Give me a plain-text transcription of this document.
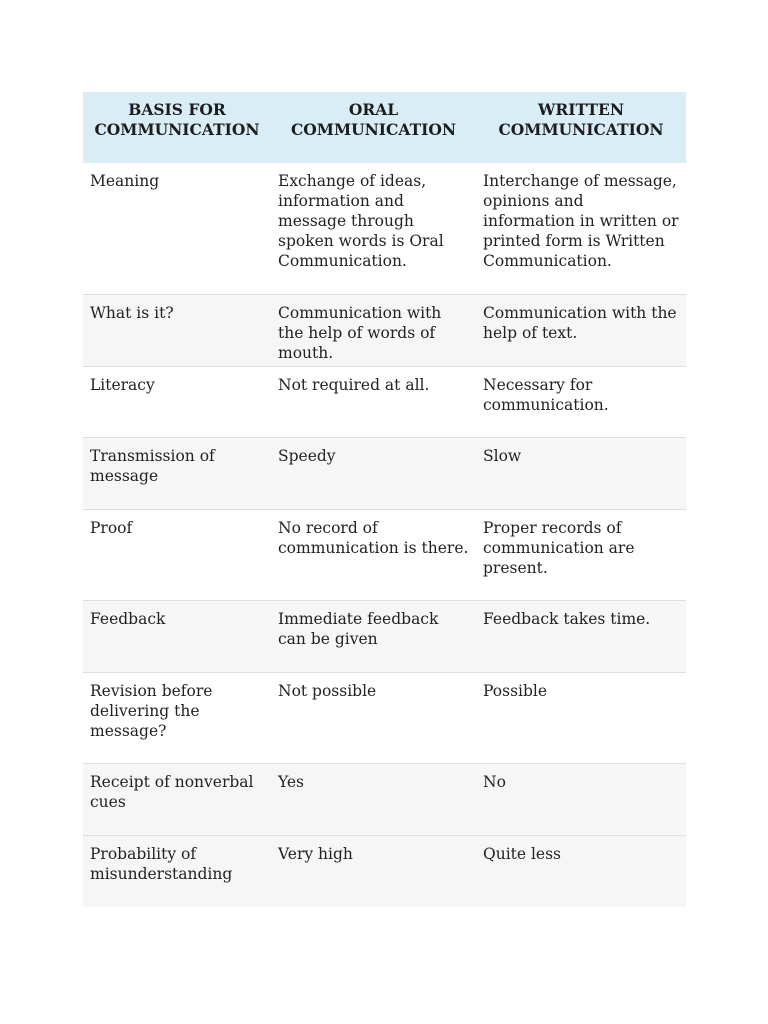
BASIS FOR COMMUNICATION	ORAL COMMUNICATION	WRITTEN COMMUNICATION
Meaning	Exchange of ideas, information and message through spoken words is Oral Communication.	Interchange of message, opinions and information in written or printed form is Written Communication.
What is it?	Communication with the help of words of mouth.	Communication with the help of text.
Literacy	Not required at all.	Necessary for communication.
Transmission of message	Speedy	Slow
Proof	No record of communication is there.	Proper records of communication are present.
Feedback	Immediate feedback can be given	Feedback takes time.
Revision before delivering the message?	Not possible	Possible
Receipt of nonverbal cues	Yes	No
Probability of misunderstanding	Very high	Quite less
